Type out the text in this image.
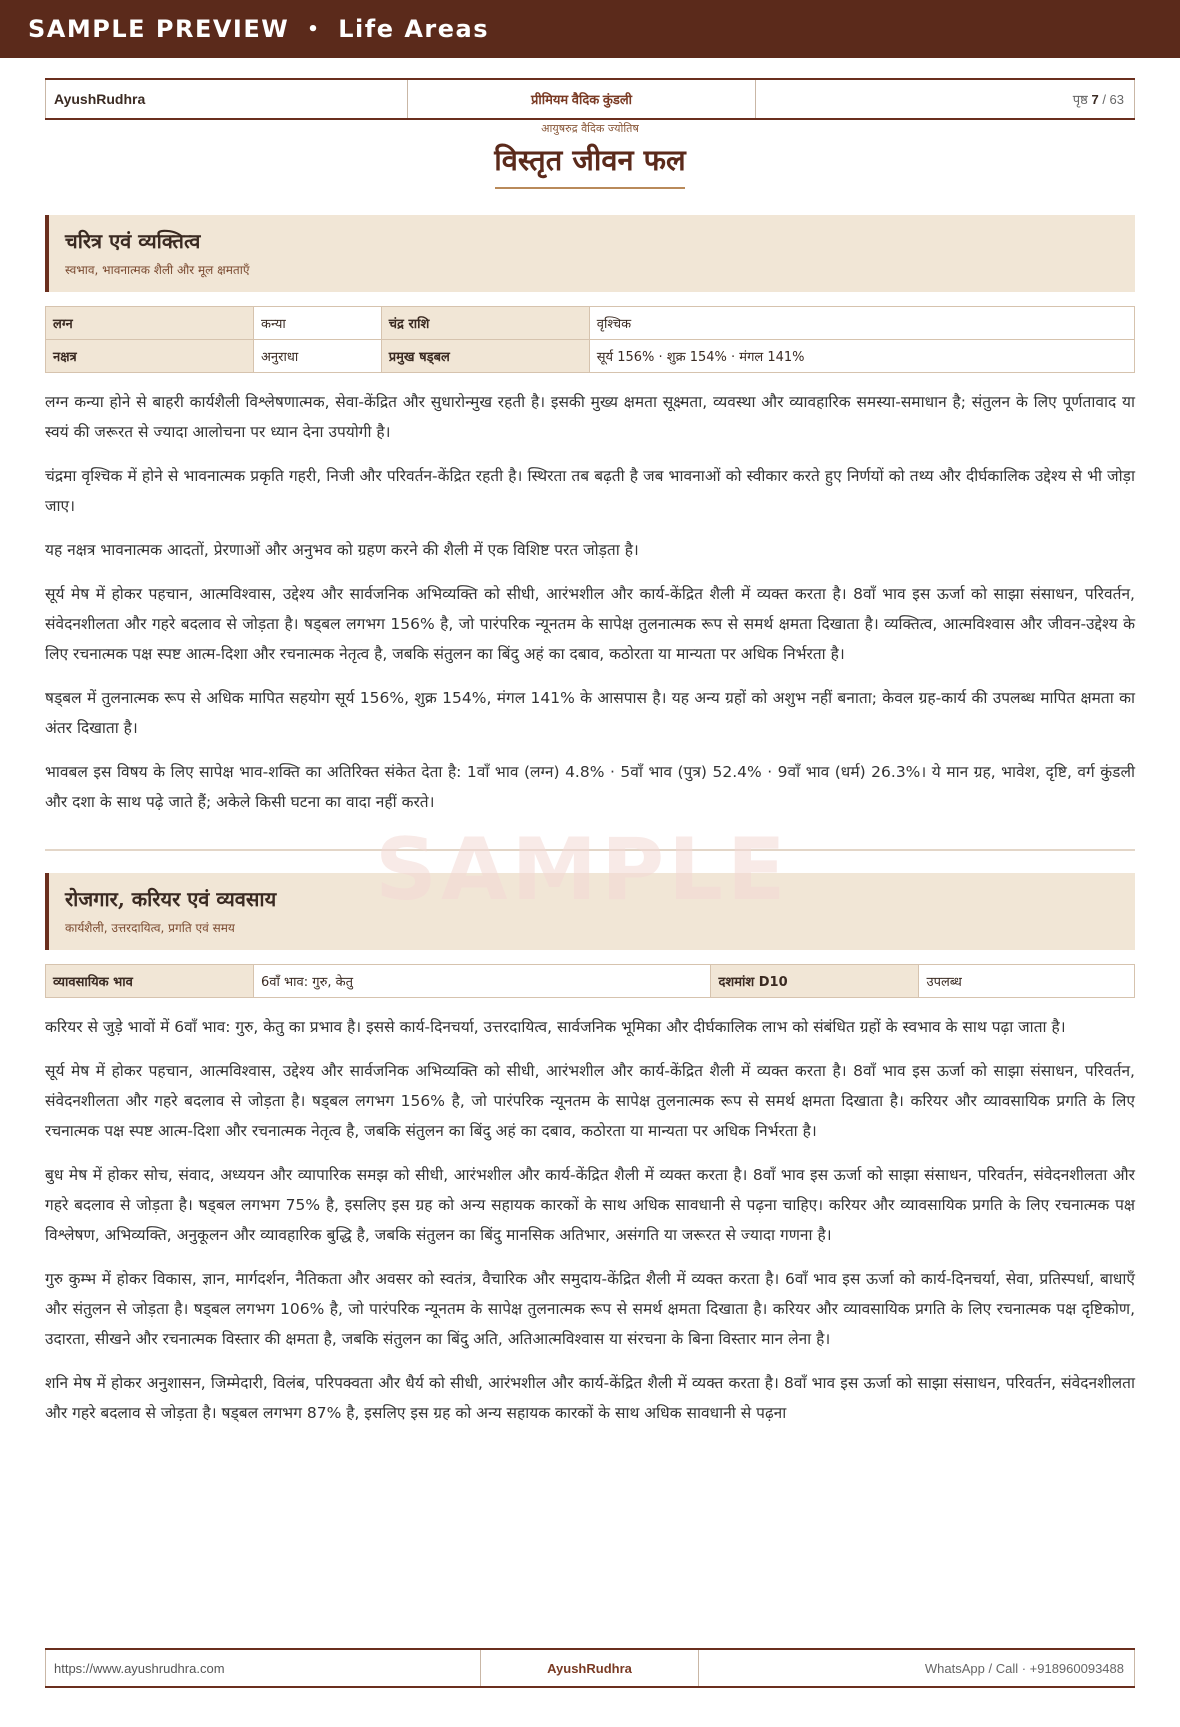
SAMPLE PREVIEW • Life Areas
AyushRudhra	प्रीमियम वैदिक कुंडली	पृष्ठ
7
/ 63
आयुषरुद्र वैदिक ज्योतिष
विस्तृत जीवन फल
चरित्र एवं व्यक्तित्व
स्वभाव, भावनात्मक शैली और मूल क्षमताएँ
लग्न	कन्या	चंद्र राशि	वृश्चिक
नक्षत्र	अनुराधा	प्रमुख षड्बल	सूर्य 156% · शुक्र 154% · मंगल 141%

लग्न कन्या होने से बाहरी कार्यशैली विश्लेषणात्मक, सेवा-केंद्रित और सुधारोन्मुख रहती है। इसकी मुख्य क्षमता सूक्ष्मता, व्यवस्था और व्यावहारिक समस्या-समाधान है; संतुलन के लिए पूर्णतावाद या स्वयं की जरूरत से ज्यादा आलोचना पर ध्यान देना उपयोगी है।

चंद्रमा वृश्चिक में होने से भावनात्मक प्रकृति गहरी, निजी और परिवर्तन-केंद्रित रहती है। स्थिरता तब बढ़ती है जब भावनाओं को स्वीकार करते हुए निर्णयों को तथ्य और दीर्घकालिक उद्देश्य से भी जोड़ा जाए।

यह नक्षत्र भावनात्मक आदतों, प्रेरणाओं और अनुभव को ग्रहण करने की शैली में एक विशिष्ट परत जोड़ता है।

सूर्य मेष में होकर पहचान, आत्मविश्वास, उद्देश्य और सार्वजनिक अभिव्यक्ति को सीधी, आरंभशील और कार्य-केंद्रित शैली में व्यक्त करता है। 8वाँ भाव इस ऊर्जा को साझा संसाधन, परिवर्तन, संवेदनशीलता और गहरे बदलाव से जोड़ता है। षड्बल लगभग 156% है, जो पारंपरिक न्यूनतम के सापेक्ष तुलनात्मक रूप से समर्थ क्षमता दिखाता है। व्यक्तित्व, आत्मविश्वास और जीवन-उद्देश्य के लिए रचनात्मक पक्ष स्पष्ट आत्म-दिशा और रचनात्मक नेतृत्व है, जबकि संतुलन का बिंदु अहं का दबाव, कठोरता या मान्यता पर अधिक निर्भरता है।

षड्बल में तुलनात्मक रूप से अधिक मापित सहयोग सूर्य 156%, शुक्र 154%, मंगल 141% के आसपास है। यह अन्य ग्रहों को अशुभ नहीं बनाता; केवल ग्रह-कार्य की उपलब्ध मापित क्षमता का अंतर दिखाता है।

भावबल इस विषय के लिए सापेक्ष भाव-शक्ति का अतिरिक्त संकेत देता है: 1वाँ भाव (लग्न) 4.8% · 5वाँ भाव (पुत्र) 52.4% · 9वाँ भाव (धर्म) 26.3%। ये मान ग्रह, भावेश, दृष्टि, वर्ग कुंडली और दशा के साथ पढ़े जाते हैं; अकेले किसी घटना का वादा नहीं करते।

रोजगार, करियर एवं व्यवसाय
कार्यशैली, उत्तरदायित्व, प्रगति एवं समय
व्यावसायिक भाव	6वाँ भाव: गुरु, केतु	दशमांश D10	उपलब्ध

करियर से जुड़े भावों में 6वाँ भाव: गुरु, केतु का प्रभाव है। इससे कार्य-दिनचर्या, उत्तरदायित्व, सार्वजनिक भूमिका और दीर्घकालिक लाभ को संबंधित ग्रहों के स्वभाव के साथ पढ़ा जाता है।

सूर्य मेष में होकर पहचान, आत्मविश्वास, उद्देश्य और सार्वजनिक अभिव्यक्ति को सीधी, आरंभशील और कार्य-केंद्रित शैली में व्यक्त करता है। 8वाँ भाव इस ऊर्जा को साझा संसाधन, परिवर्तन, संवेदनशीलता और गहरे बदलाव से जोड़ता है। षड्बल लगभग 156% है, जो पारंपरिक न्यूनतम के सापेक्ष तुलनात्मक रूप से समर्थ क्षमता दिखाता है। करियर और व्यावसायिक प्रगति के लिए रचनात्मक पक्ष स्पष्ट आत्म-दिशा और रचनात्मक नेतृत्व है, जबकि संतुलन का बिंदु अहं का दबाव, कठोरता या मान्यता पर अधिक निर्भरता है।

बुध मेष में होकर सोच, संवाद, अध्ययन और व्यापारिक समझ को सीधी, आरंभशील और कार्य-केंद्रित शैली में व्यक्त करता है। 8वाँ भाव इस ऊर्जा को साझा संसाधन, परिवर्तन, संवेदनशीलता और गहरे बदलाव से जोड़ता है। षड्बल लगभग 75% है, इसलिए इस ग्रह को अन्य सहायक कारकों के साथ अधिक सावधानी से पढ़ना चाहिए। करियर और व्यावसायिक प्रगति के लिए रचनात्मक पक्ष विश्लेषण, अभिव्यक्ति, अनुकूलन और व्यावहारिक बुद्धि है, जबकि संतुलन का बिंदु मानसिक अतिभार, असंगति या जरूरत से ज्यादा गणना है।

गुरु कुम्भ में होकर विकास, ज्ञान, मार्गदर्शन, नैतिकता और अवसर को स्वतंत्र, वैचारिक और समुदाय-केंद्रित शैली में व्यक्त करता है। 6वाँ भाव इस ऊर्जा को कार्य-दिनचर्या, सेवा, प्रतिस्पर्धा, बाधाएँ और संतुलन से जोड़ता है। षड्बल लगभग 106% है, जो पारंपरिक न्यूनतम के सापेक्ष तुलनात्मक रूप से समर्थ क्षमता दिखाता है। करियर और व्यावसायिक प्रगति के लिए रचनात्मक पक्ष दृष्टिकोण, उदारता, सीखने और रचनात्मक विस्तार की क्षमता है, जबकि संतुलन का बिंदु अति, अतिआत्मविश्वास या संरचना के बिना विस्तार मान लेना है।

शनि मेष में होकर अनुशासन, जिम्मेदारी, विलंब, परिपक्वता और धैर्य को सीधी, आरंभशील और कार्य-केंद्रित शैली में व्यक्त करता है। 8वाँ भाव इस ऊर्जा को साझा संसाधन, परिवर्तन, संवेदनशीलता और गहरे बदलाव से जोड़ता है। षड्बल लगभग 87% है, इसलिए इस ग्रह को अन्य सहायक कारकों के साथ अधिक सावधानी से पढ़ना

SAMPLE
https://www.ayushrudhra.com	AyushRudhra	WhatsApp / Call · +918960093488
